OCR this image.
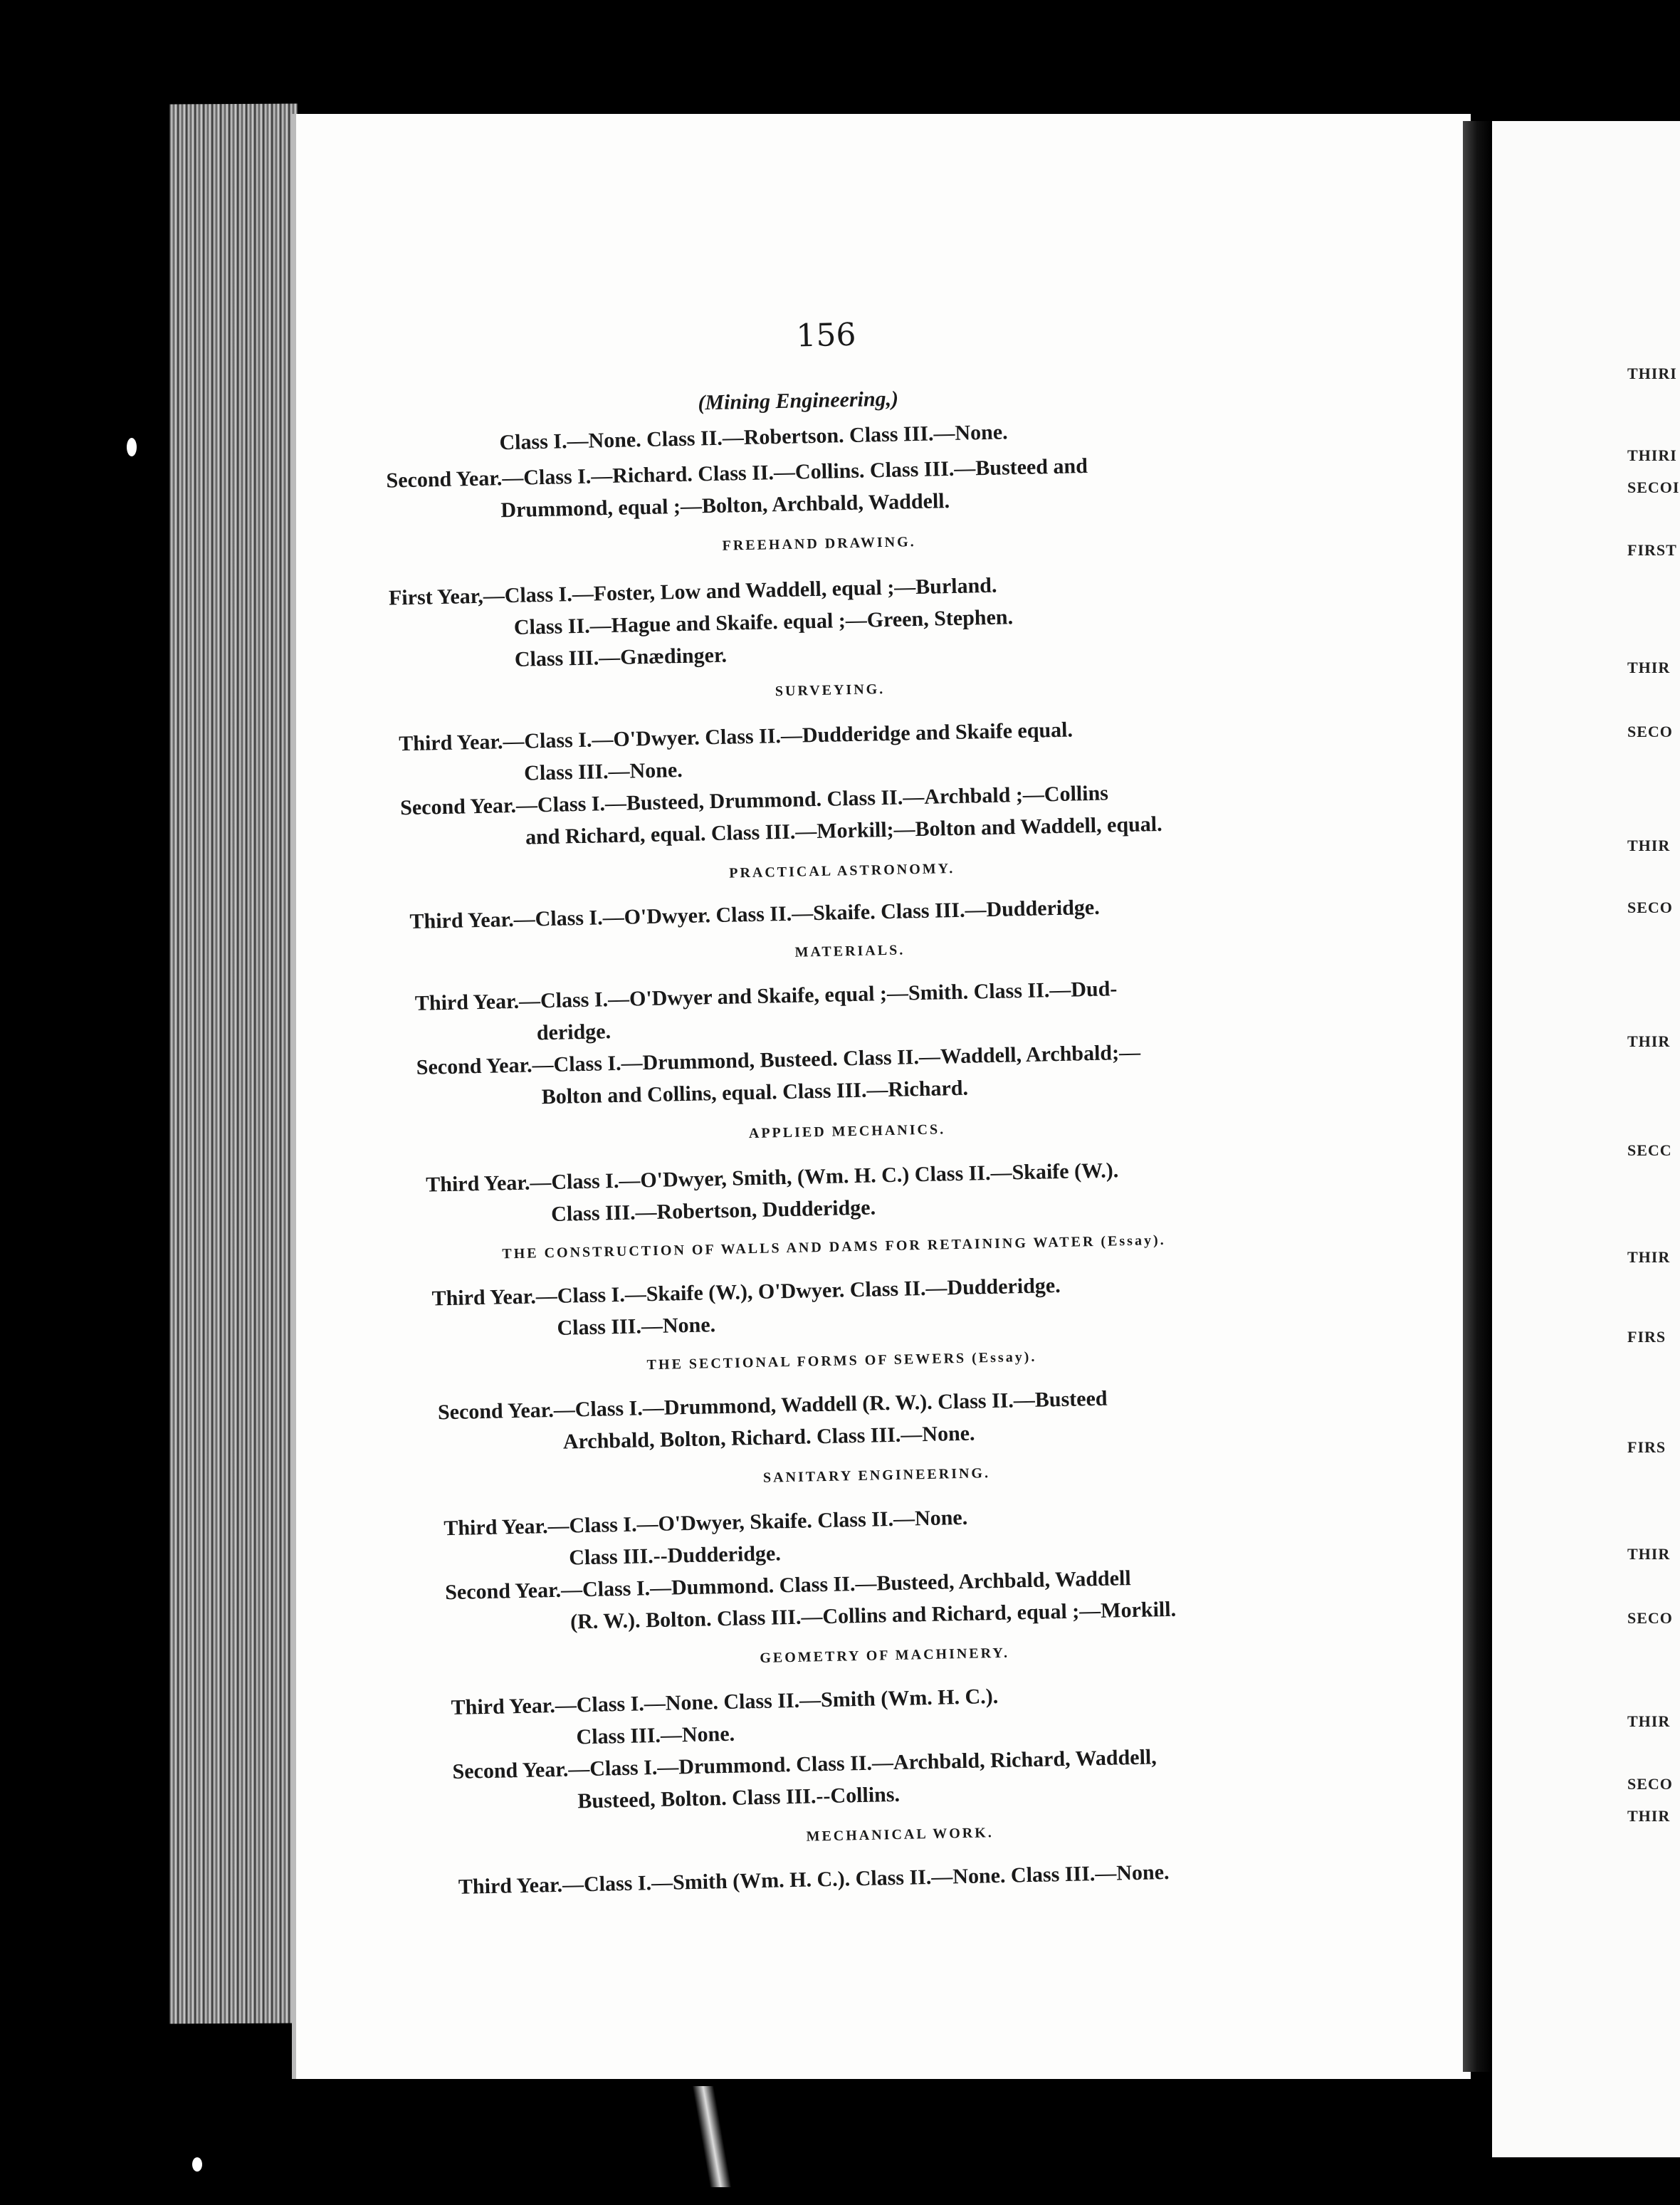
THIRI
THIRI
SECOI
FIRST
THIR
SECO
THIR
SECO
THIR
SECC
THIR
FIRS
FIRS
THIR
SECO
THIR
SECO
THIR
156
(Mining Engineering,)
Class I.—None. Class II.—Robertson. Class III.—None.
Second Year.—Class I.—Richard. Class II.—Collins. Class III.—Busteed and
Drummond, equal ;—Bolton, Archbald, Waddell.
FREEHAND DRAWING.
First Year,—Class I.—Foster, Low and Waddell, equal ;—Burland.
Class II.—Hague and Skaife. equal ;—Green, Stephen.
Class III.—Gnædinger.
SURVEYING.
Third Year.—Class I.—O'Dwyer. Class II.—Dudderidge and Skaife equal.
Class III.—None.
Second Year.—Class I.—Busteed, Drummond. Class II.—Archbald ;—Collins
and Richard, equal. Class III.—Morkill;—Bolton and Waddell, equal.
PRACTICAL ASTRONOMY.
Third Year.—Class I.—O'Dwyer. Class II.—Skaife. Class III.—Dudderidge.
MATERIALS.
Third Year.—Class I.—O'Dwyer and Skaife, equal ;—Smith. Class II.—Dud-
deridge.
Second Year.—Class I.—Drummond, Busteed. Class II.—Waddell, Archbald;—
Bolton and Collins, equal. Class III.—Richard.
APPLIED MECHANICS.
Third Year.—Class I.—O'Dwyer, Smith, (Wm. H. C.) Class II.—Skaife (W.).
Class III.—Robertson, Dudderidge.
THE CONSTRUCTION OF WALLS AND DAMS FOR RETAINING WATER (Essay).
Third Year.—Class I.—Skaife (W.), O'Dwyer. Class II.—Dudderidge.
Class III.—None.
THE SECTIONAL FORMS OF SEWERS (Essay).
Second Year.—Class I.—Drummond, Waddell (R. W.). Class II.—Busteed
Archbald, Bolton, Richard. Class III.—None.
SANITARY ENGINEERING.
Third Year.—Class I.—O'Dwyer, Skaife. Class II.—None.
Class III.--Dudderidge.
Second Year.—Class I.—Dummond. Class II.—Busteed, Archbald, Waddell
(R. W.). Bolton. Class III.—Collins and Richard, equal ;—Morkill.
GEOMETRY OF MACHINERY.
Third Year.—Class I.—None. Class II.—Smith (Wm. H. C.).
Class III.—None.
Second Year.—Class I.—Drummond. Class II.—Archbald, Richard, Waddell,
Busteed, Bolton. Class III.--Collins.
MECHANICAL WORK.
Third Year.—Class I.—Smith (Wm. H. C.). Class II.—None. Class III.—None.
